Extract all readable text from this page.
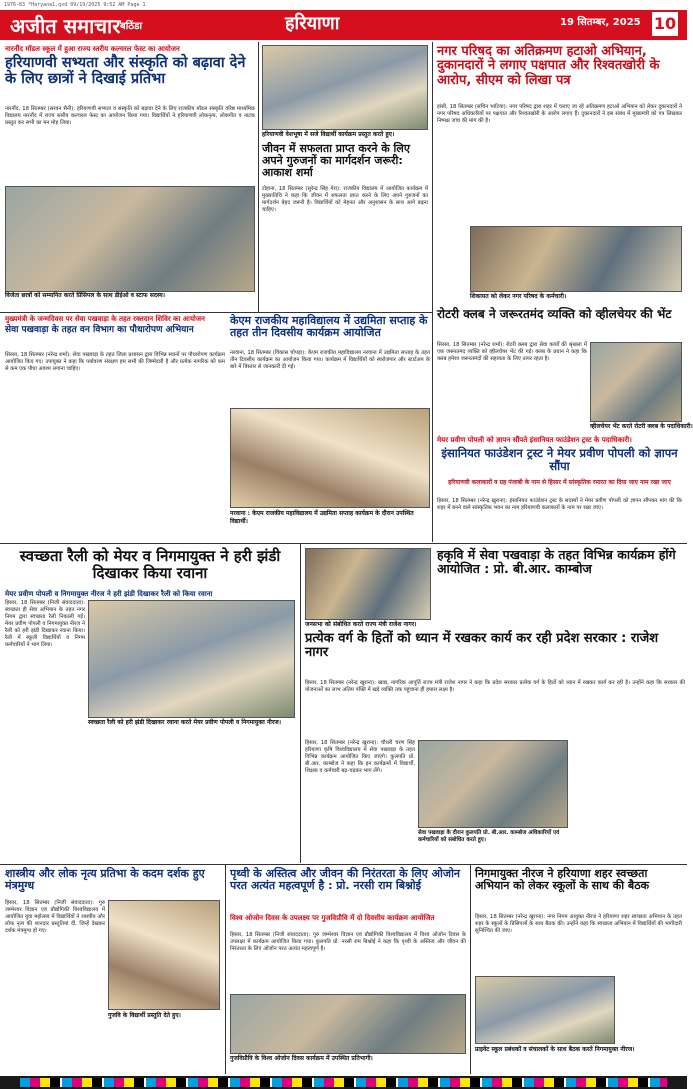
1976-83 *Haryana1.qxd 09/19/2025 9:52 AM Page 1
अजीत समाचार बठिंडा	हरियाणा	19 सितम्बर, 2025 10
नारनौंद मॉडल स्कूल में हुआ राज्य स्तरीय कल्चरल फेस्ट का आयोजन
हरियाणवी सभ्यता और संस्कृति को बढ़ावा देने के लिए छात्रों ने दिखाई प्रतिभा
नारनौंद, 18 सितम्बर (सरवन सैनी): हरियाणवी सभ्यता व संस्कृति को बढ़ावा देने के लिए राजकीय मॉडल संस्कृति वरिष्ठ माध्यमिक विद्यालय नारनौंद में राज्य स्तरीय कल्चरल फेस्ट का आयोजन किया गया। विद्यार्थियों ने हरियाणवी लोकनृत्य, लोकगीत व नाटक प्रस्तुत कर सभी का मन मोह लिया।
विजेता छात्रों को सम्मानित करते प्रिंसिपल के साथ डीईओ व स्टाफ सदस्य।
हरियाणवी वेशभूषा में सजे विद्यार्थी कार्यक्रम प्रस्तुत करते हुए।
जीवन में सफलता प्राप्त करने के लिए अपने गुरुजनों का मार्गदर्शन जरूरी: आकाश शर्मा
टोहाना, 18 सितम्बर (सुरेन्द्र सिंह गेरा): राजकीय विद्यालय में आयोजित कार्यक्रम में मुख्यातिथि ने कहा कि जीवन में सफलता प्राप्त करने के लिए अपने गुरुजनों का मार्गदर्शन बेहद जरूरी है। विद्यार्थियों को मेहनत और अनुशासन के साथ आगे बढ़ना चाहिए।
नगर परिषद का अतिक्रमण हटाओ अभियान, दुकानदारों ने लगाए पक्षपात और रिश्वतखोरी के आरोप, सीएम को लिखा पत्र
हांसी, 18 सितम्बर (सचिन भाटिया): नगर परिषद द्वारा शहर में चलाए जा रहे अतिक्रमण हटाओ अभियान को लेकर दुकानदारों ने नगर परिषद अधिकारियों पर पक्षपात और रिश्वतखोरी के आरोप लगाए हैं। दुकानदारों ने इस संबंध में मुख्यमंत्री को पत्र लिखकर निष्पक्ष जांच की मांग की है।
शिकायत को लेकर नगर परिषद के कर्मचारी।
मुख्यमंत्री के जन्मदिवस पर सेवा पखवाड़ा के तहत रक्तदान शिविर का आयोजन
सेवा पखवाड़ा के तहत वन विभाग का पौधारोपण अभियान
सिरसा, 18 सितम्बर (नरेन्द्र शर्मा): सेवा पखवाड़ा के तहत जिला प्रशासन द्वारा विभिन्न स्थानों पर पौधारोपण कार्यक्रम आयोजित किए गए। उपायुक्त ने कहा कि पर्यावरण संरक्षण हम सभी की जिम्मेदारी है और प्रत्येक नागरिक को कम से कम एक पौधा अवश्य लगाना चाहिए।
केएम राजकीय महाविद्यालय में उद्यमिता सप्ताह के तहत तीन दिवसीय कार्यक्रम आयोजित
नरवाना, 18 सितम्बर (विकास चोपड़ा): केएम राजकीय महाविद्यालय नरवाना में उद्यमिता सप्ताह के तहत तीन दिवसीय कार्यक्रम का आयोजन किया गया। कार्यक्रम में विद्यार्थियों को स्वरोजगार और स्टार्टअप के बारे में विस्तार से जानकारी दी गई।
नरवाना : केएम राजकीय महाविद्यालय में उद्यमिता सप्ताह कार्यक्रम के दौरान उपस्थित विद्यार्थी।
रोटरी क्लब ने जरूरतमंद व्यक्ति को व्हीलचेयर की भेंट
सिरसा, 18 सितम्बर (नरेन्द्र शर्मा): रोटरी क्लब द्वारा सेवा कार्यों की श्रृंखला में एक जरूरतमंद व्यक्ति को व्हीलचेयर भेंट की गई। क्लब के प्रधान ने कहा कि क्लब हमेशा जरूरतमंदों की सहायता के लिए तत्पर रहता है।
व्हीलचेयर भेंट करते रोटरी क्लब के पदाधिकारी।
मेयर प्रवीण पोपली को ज्ञापन सौंपते इंसानियत फाउंडेशन ट्रस्ट के पदाधिकारी।
इंसानियत फाउंडेशन ट्रस्ट ने मेयर प्रवीण पोपली को ज्ञापन सौंपा
हरियाणवी कलाकारों व ग्रह पंजाबी के नाम से हिसार में सांस्कृतिक रमारत का दिया जाए नाम रखा जाए
हिसार, 18 सितम्बर (नरेन्द्र खुराना): इंसानियत फाउंडेशन ट्रस्ट के सदस्यों ने मेयर प्रवीण पोपली को ज्ञापन सौंपकर मांग की कि शहर में बनने वाले सांस्कृतिक भवन का नाम हरियाणवी कलाकारों के नाम पर रखा जाए।
स्वच्छता रैली को मेयर व निगमायुक्त ने हरी झंडी दिखाकर किया रवाना
मेयर प्रवीण पोपली व निगमायुक्त नीरज ने हरी झंडी दिखाकर रैली को किया रवाना
हिसार, 18 सितम्बर (निजी संवाददाता): स्वच्छता ही सेवा अभियान के तहत नगर निगम द्वारा स्वच्छता रैली निकाली गई। मेयर प्रवीण पोपली व निगमायुक्त नीरज ने रैली को हरी झंडी दिखाकर रवाना किया। रैली में स्कूली विद्यार्थियों व निगम कर्मचारियों ने भाग लिया।
स्वच्छता रैली को हरी झंडी दिखाकर रवाना करते मेयर प्रवीण पोपली व निगमायुक्त नीरज।
जनसभा को संबोधित करते राज्य मंत्री राजेश नागर।
प्रत्येक वर्ग के हितों को ध्यान में रखकर कार्य कर रही प्रदेश सरकार : राजेश नागर
हिसार, 18 सितम्बर (नरेन्द्र खुराना): खाद्य, नागरिक आपूर्ति राज्य मंत्री राजेश नागर ने कहा कि प्रदेश सरकार प्रत्येक वर्ग के हितों को ध्यान में रखकर कार्य कर रही है। उन्होंने कहा कि सरकार की योजनाओं का लाभ अंतिम पंक्ति में खड़े व्यक्ति तक पहुंचाना ही हमारा लक्ष्य है।
हकृवि में सेवा पखवाड़ा के तहत विभिन्न कार्यक्रम होंगे आयोजित : प्रो. बी.आर. काम्बोज
हिसार, 18 सितम्बर (नरेन्द्र खुराना): चौधरी चरण सिंह हरियाणा कृषि विश्वविद्यालय में सेवा पखवाड़ा के तहत विभिन्न कार्यक्रम आयोजित किए जाएंगे। कुलपति प्रो. बी.आर. काम्बोज ने कहा कि इन कार्यक्रमों में विद्यार्थी, शिक्षक व कर्मचारी बढ़-चढ़कर भाग लेंगे।
सेवा पखवाड़ा के दौरान कुलपति प्रो. बी.आर. काम्बोज अधिकारियों एवं कर्मचारियों को संबोधित करते हुए।
शास्त्रीय और लोक नृत्य प्रतिभा के कदम दर्शक हुए मंत्रमुग्ध
हिसार, 18 सितम्बर (निजी संवाददाता): गुरु जम्भेश्वर विज्ञान एवं प्रौद्योगिकी विश्वविद्यालय में आयोजित युवा महोत्सव में विद्यार्थियों ने शास्त्रीय और लोक नृत्य की शानदार प्रस्तुतियां दीं, जिन्हें देखकर दर्शक मंत्रमुग्ध हो गए।
गुजवि के विद्यार्थी प्रस्तुति देते हुए।
पृथ्वी के अस्तित्व और जीवन की निरंतरता के लिए ओजोन परत अत्यंत महत्वपूर्ण है : प्रो. नरसी राम बिश्नोई
विश्व ओजोन दिवस के उपलक्ष्य पर गुजविप्रौवि में दो दिवसीय कार्यक्रम आयोजित
हिसार, 18 सितम्बर (निजी संवाददाता): गुरु जम्भेश्वर विज्ञान एवं प्रौद्योगिकी विश्वविद्यालय में विश्व ओजोन दिवस के उपलक्ष्य में कार्यक्रम आयोजित किया गया। कुलपति प्रो. नरसी राम बिश्नोई ने कहा कि पृथ्वी के अस्तित्व और जीवन की निरंतरता के लिए ओजोन परत अत्यंत महत्वपूर्ण है।
गुजविप्रौवि के विश्व ओजोन दिवस कार्यक्रम में उपस्थित प्रतिभागी।
निगमायुक्त नीरज ने हरियाणा शहर स्वच्छता अभियान को लेकर स्कूलों के साथ की बैठक
हिसार, 18 सितम्बर (नरेन्द्र खुराना): नगर निगम आयुक्त नीरज ने हरियाणा शहर स्वच्छता अभियान के तहत शहर के स्कूलों के प्रिंसिपलों के साथ बैठक की। उन्होंने कहा कि स्वच्छता अभियान में विद्यार्थियों की भागीदारी सुनिश्चित की जाए।
प्राइवेट स्कूल प्रबंधकों व संचालकों के साथ बैठक करते निगमायुक्त नीरज।
